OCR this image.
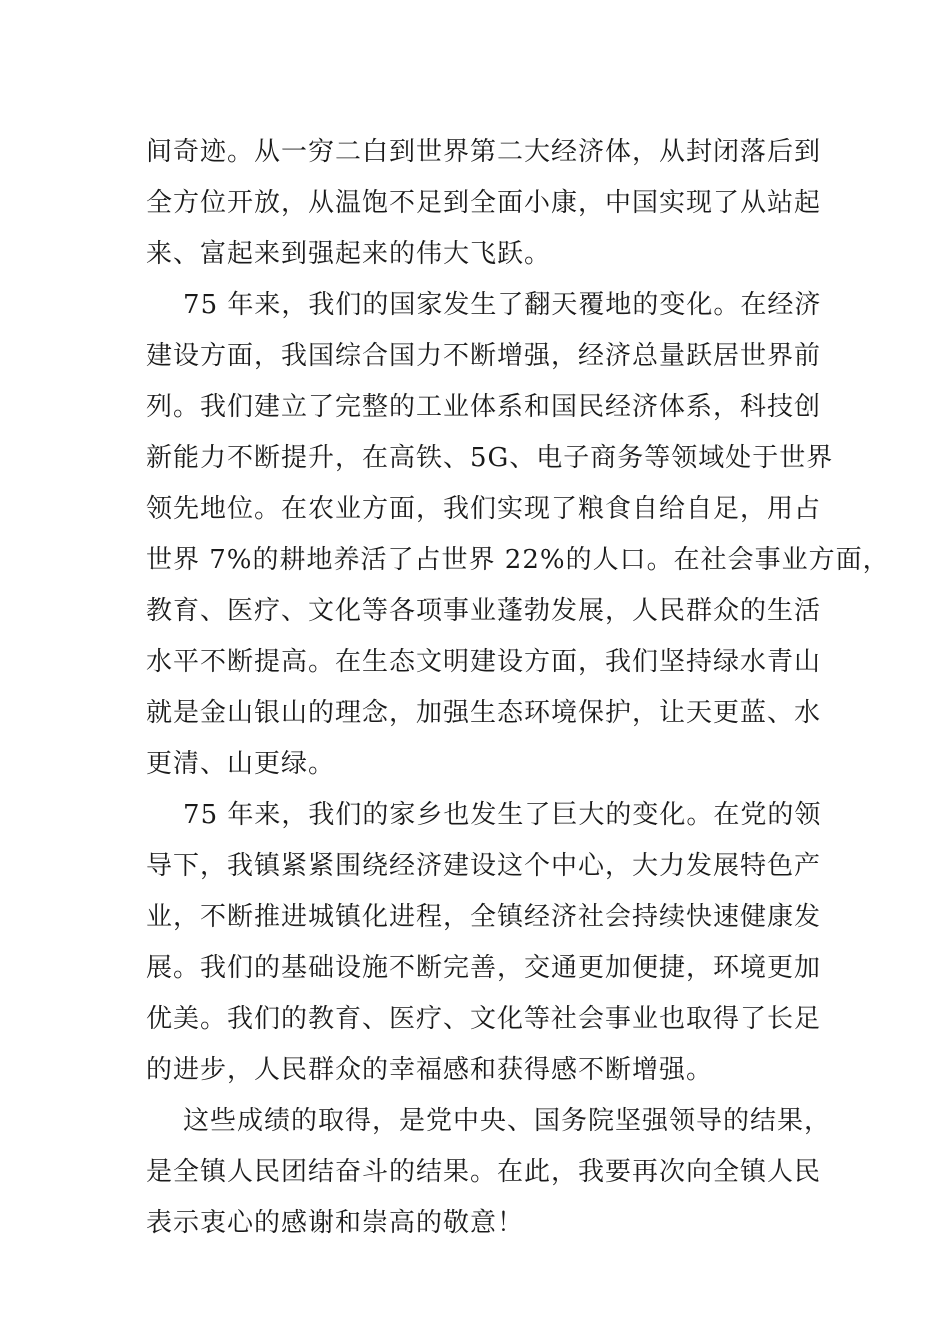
间奇迹。从一穷二白到世界第二大经济体，从封闭落后到
全方位开放，从温饱不足到全面小康，中国实现了从站起
来、富起来到强起来的伟大飞跃。
75 年来，我们的国家发生了翻天覆地的变化。在经济
建设方面，我国综合国力不断增强，经济总量跃居世界前
列。我们建立了完整的工业体系和国民经济体系，科技创
新能力不断提升，在高铁、5G、电子商务等领域处于世界
领先地位。在农业方面，我们实现了粮食自给自足，用占
世界 7%的耕地养活了占世界 22%的人口。在社会事业方面，
教育、医疗、文化等各项事业蓬勃发展，人民群众的生活
水平不断提高。在生态文明建设方面，我们坚持绿水青山
就是金山银山的理念，加强生态环境保护，让天更蓝、水
更清、山更绿。
75 年来，我们的家乡也发生了巨大的变化。在党的领
导下，我镇紧紧围绕经济建设这个中心，大力发展特色产
业，不断推进城镇化进程，全镇经济社会持续快速健康发
展。我们的基础设施不断完善，交通更加便捷，环境更加
优美。我们的教育、医疗、文化等社会事业也取得了长足
的进步，人民群众的幸福感和获得感不断增强。
这些成绩的取得，是党中央、国务院坚强领导的结果，
是全镇人民团结奋斗的结果。在此，我要再次向全镇人民
表示衷心的感谢和崇高的敬意！
